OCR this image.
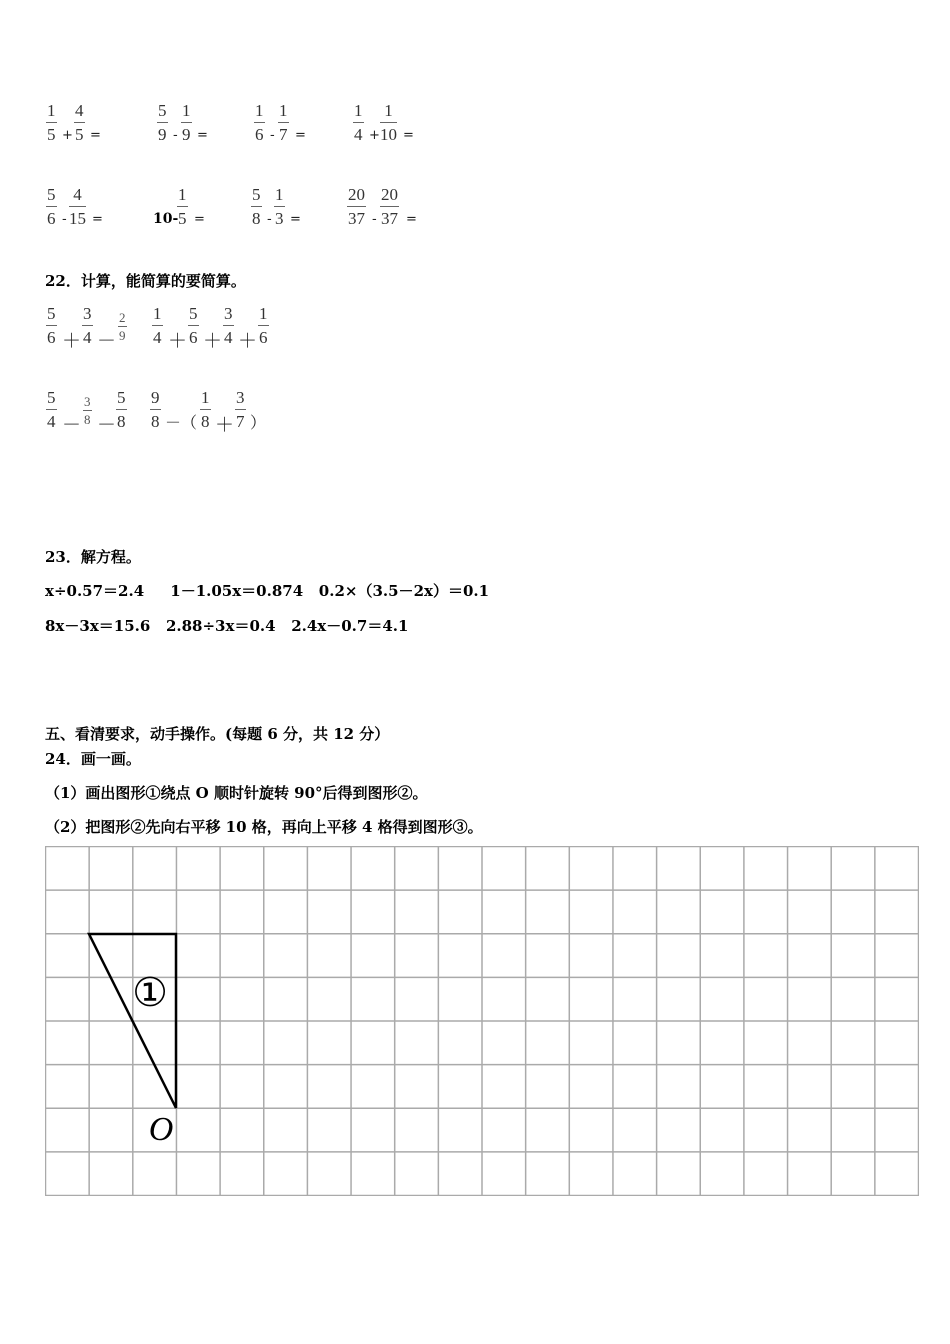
1
5 +
4
5 =
5
9 -
1
9 =
1
6 -
1
7 =
1
4 +
1
10 =
5
6 -
4
15 =	10-
1
5 =
5
8 -
1
3 =
20
37 -
20
37 =
22．计算，能简算的要简算。
5
6 ＋
3
4 －
2
9
1
4 ＋
5
6 ＋
3
4 ＋
1
6
5
4 －
3
8 －
5
8
9
8 －（
1
8 ＋
3
7 ）
23．解方程。
x÷0.57＝2.4     1－1.05x＝0.874   0.2×（3.5－2x）＝0.1
8x－3x＝15.6   2.88÷3x＝0.4   2.4x－0.7＝4.1
五、看清要求，动手操作。(每题 6 分，共 12 分）
24．画一画。
（1）画出图形①绕点 O 顺时针旋转 90°后得到图形②。
（2）把图形②先向右平移 10 格，再向上平移 4 格得到图形③。
①
O
